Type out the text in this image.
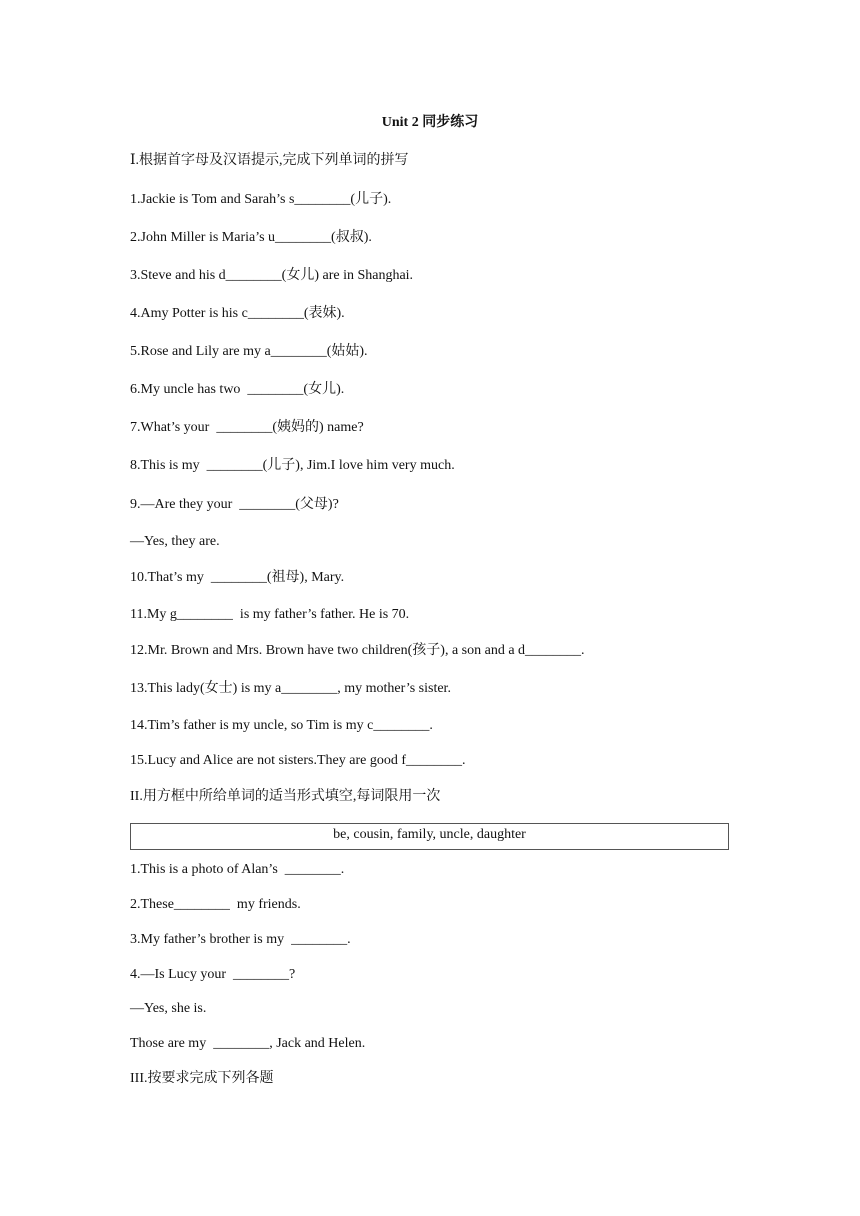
Unit 2 同步练习
Ⅰ.根据首字母及汉语提示,完成下列单词的拼写
1.Jackie is Tom and Sarah’s s________(儿子).
2.John Miller is Maria’s u________(叔叔).
3.Steve and his d________(女儿) are in Shanghai.
4.Amy Potter is his c________(表妹).
5.Rose and Lily are my a________(姑姑).
6.My uncle has two  ________(女儿).
7.What’s your  ________(姨妈的) name?
8.This is my  ________(儿子), Jim.I love him very much.
9.—Are they your  ________(父母)?
—Yes, they are.
10.That’s my  ________(祖母), Mary.
11.My g________  is my father’s father. He is 70.
12.Mr. Brown and Mrs. Brown have two children(孩子), a son and a d________.
13.This lady(女士) is my a________, my mother’s sister.
14.Tim’s father is my uncle, so Tim is my c________.
15.Lucy and Alice are not sisters.They are good f________.
II.用方框中所给单词的适当形式填空,每词限用一次
be, cousin, family, uncle, daughter
1.This is a photo of Alan’s  ________.
2.These________  my friends.
3.My father’s brother is my  ________.
4.—Is Lucy your  ________?
—Yes, she is.
Those are my  ________, Jack and Helen.
III.按要求完成下列各题
